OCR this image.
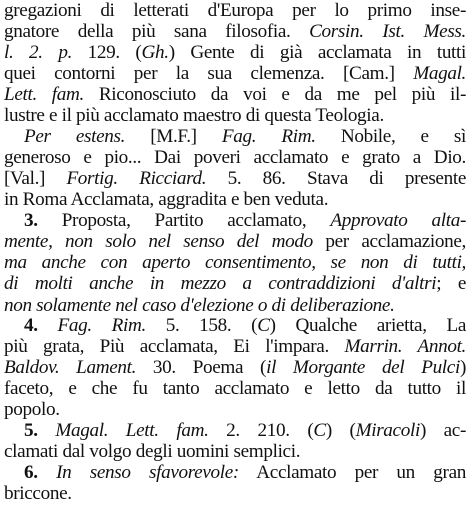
gregazioni di letterati d'Europa per lo primo inse-
gnatore della più sana filosofia. Corsin. Ist. Mess.
l. 2. p. 129. (Gh.) Gente di già acclamata in tutti
quei contorni per la sua clemenza. [Cam.] Magal.
Lett. fam. Riconosciuto da voi e da me pel più il-
lustre e il più acclamato maestro di questa Teologia.
Per estens. [M.F.] Fag. Rim. Nobile, e sì
generoso e pio... Dai poveri acclamato e grato a Dio.
[Val.] Fortig. Ricciard. 5. 86. Stava di presente
in Roma Acclamata, aggradita e ben veduta.
3. Proposta, Partito acclamato, Approvato alta-
mente, non solo nel senso del modo per acclamazione,
ma anche con aperto consentimento, se non di tutti,
di molti anche in mezzo a contraddizioni d'altri; e
non solamente nel caso d'elezione o di deliberazione.
4. Fag. Rim. 5. 158. (C) Qualche arietta, La
più grata, Più acclamata, Ei l'impara. Marrin. Annot.
Baldov. Lament. 30. Poema (il Morgante del Pulci)
faceto, e che fu tanto acclamato e letto da tutto il
popolo.
5. Magal. Lett. fam. 2. 210. (C) (Miracoli) ac-
clamati dal volgo degli uomini semplici.
6. In senso sfavorevole: Acclamato per un gran
briccone.
